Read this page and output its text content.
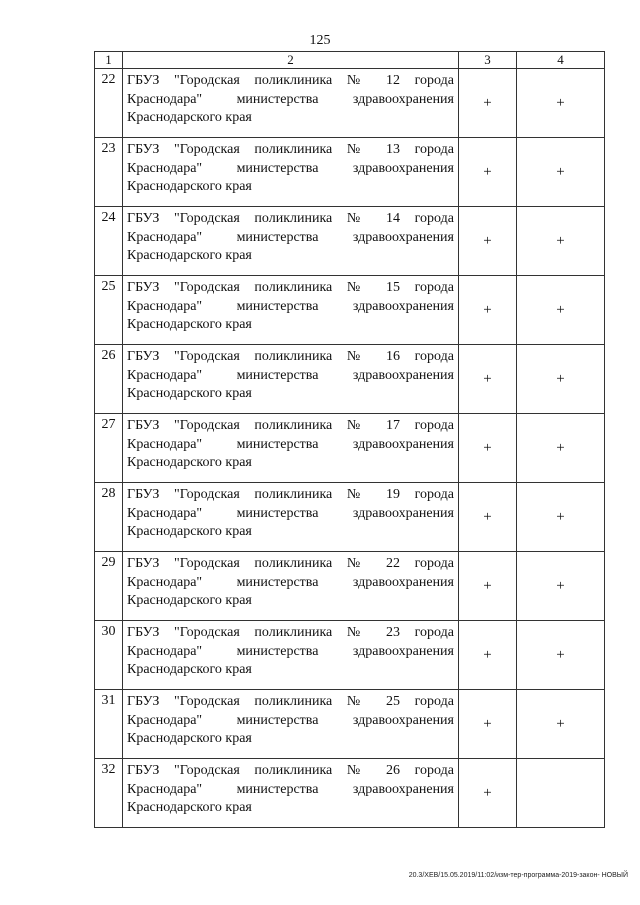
125
1	2	3	4
22	ГБУЗ "Городская поликлиника № 12 города Краснодара" министерства здравоохранения Краснодарского края	+	+
23	ГБУЗ "Городская поликлиника № 13 города Краснодара" министерства здравоохранения Краснодарского края	+	+
24	ГБУЗ "Городская поликлиника № 14 города Краснодара" министерства здравоохранения Краснодарского края	+	+
25	ГБУЗ "Городская поликлиника № 15 города Краснодара" министерства здравоохранения Краснодарского края	+	+
26	ГБУЗ "Городская поликлиника № 16 города Краснодара" министерства здравоохранения Краснодарского края	+	+
27	ГБУЗ "Городская поликлиника № 17 города Краснодара" министерства здравоохранения Краснодарского края	+	+
28	ГБУЗ "Городская поликлиника № 19 города Краснодара" министерства здравоохранения Краснодарского края	+	+
29	ГБУЗ "Городская поликлиника № 22 города Краснодара" министерства здравоохранения Краснодарского края	+	+
30	ГБУЗ "Городская поликлиника № 23 города Краснодара" министерства здравоохранения Краснодарского края	+	+
31	ГБУЗ "Городская поликлиника № 25 города Краснодара" министерства здравоохранения Краснодарского края	+	+
32	ГБУЗ "Городская поликлиника № 26 города Краснодара" министерства здравоохранения Краснодарского края	+	
20.3/ХЕВ/15.05.2019/11:02/изм-тер-программа-2019-закон- НОВЫЙ
